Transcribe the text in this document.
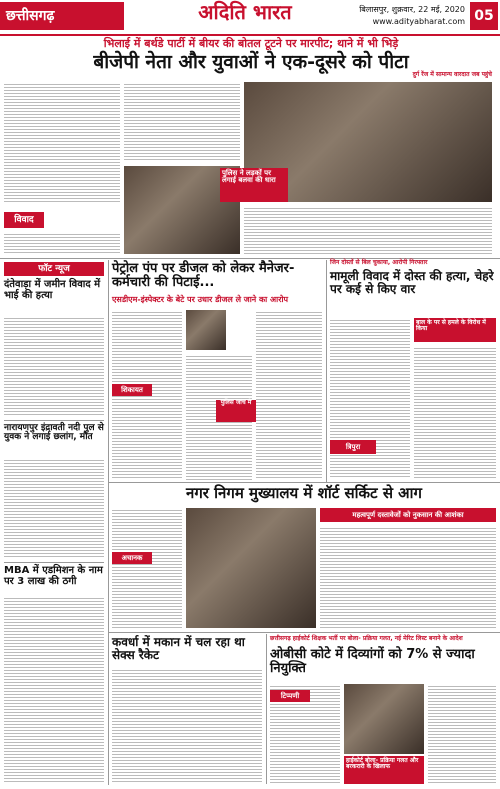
छत्तीसगढ़	अदिति भारत	बिलासपुर, शुक्रवार, 22 मई, 2020
www.adityabharat.com 05
भिलाई में बर्थडे पार्टी में बीयर की बोतल टूटने पर मारपीट; थाने में भी भिड़े
बीजेपी नेता और युवाओं ने एक-दूसरे को पीटा
विवाद
पुलिस ने लड़कों पर लगाई बलवा की धारा
दुर्ग रेंज में सामान्य वारदात जब पहुंचे
फॉट न्यूज
दंतेवाड़ा में जमीन विवाद में भाई की हत्या
नारायणपुर इंद्रावती नदी पुल से युवक ने लगाई छलांग, मौत
MBA में एडमिशन के नाम पर 3 लाख की ठगी
पेट्रोल पंप पर डीजल को लेकर मैनेजर-कर्मचारी की पिटाई...
एसडीएम-इंस्पेक्टर के बेटे पर उधार डीजल ले जाने का आरोप
शिकायत
पुलिस जांच में
जिन दोस्तों से बिल चुकाया, आरोपी गिरफ्तार
मामूली विवाद में दोस्त की हत्या, चेहरे पर कई से किए वार
बाल के पर से हमले के विरोध में किया
त्रिपुरा
नगर निगम मुख्यालय में शॉर्ट सर्किट से आग
अचानक
महत्वपूर्ण दस्तावेजों को नुकसान की आशंका
कवर्धा में मकान में चल रहा था सेक्स रैकेट
छत्तीसगढ़ हाईकोर्ट शिक्षक भर्ती पर बोला- प्रक्रिया गलत, नई मेरिट लिस्ट बनाने के आदेश
ओबीसी कोटे में दिव्यांगों को 7% से ज्यादा नियुक्ति
टिप्पणी
हाईकोर्ट बोला- प्रक्रिया गलत और बरकरारी के खिलाफ
